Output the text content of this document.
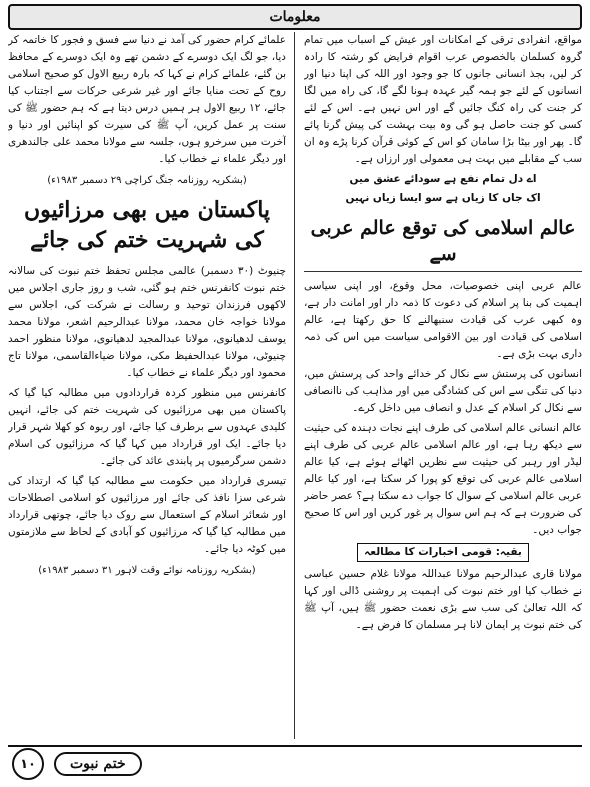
معلومات

مواقع، انفرادی ترقی کے امکانات اور عیش کے اسباب میں تمام گروہ کسلمان بالخصوص عرب اقوام فرایض کو رشتہ کا رادہ کر لیں، بجذ انسانی جانوں کا جو وجود اور اللہ کی اپنا دنیا اور انسانوں کے لئے جو ہمہ گیر عہدہ ہونا لگے گا، کی راہ میں لگا کر جنت کی راہ کنگ جائیں گے اور اس نہیں ہے۔ اس کے لئے کسی کو جنت حاصل ہو گی وہ بیت بہشت کی پیش گرنا پائے گا۔ پھر اور بیٹا بڑا سامان کو اس کے کوئی قرآن کرنا پڑے وہ ان سب کے مقابلے میں بہت ہی معمولی اور ارزاں ہے۔

اے دل تمام نفع ہے سودائے عشق میں

اک جاں کا زیاں ہے سو ایسا زیاں نہیں

عالم اسلامی کی توقع عالم عربی سے

عالم عربی اپنی خصوصیات، محل وقوع، اور اپنی سیاسی اہمیت کی بنا پر اسلام کی دعوت کا ذمہ دار اور امانت دار ہے، وہ کبھی عرب کی قیادت سنبھالنے کا حق رکھتا ہے، عالم اسلامی کی قیادت اور بین الاقوامی سیاست میں اس کی ذمہ داری بہت بڑی ہے۔

انسانوں کی پرستش سے نکال کر خدائے واحد کی پرستش میں، دنیا کی تنگی سے اس کی کشادگی میں اور مذاہب کی ناانصافی سے نکال کر اسلام کے عدل و انصاف میں داخل کرے۔

عالم انسانی عالم اسلامی کی طرف اپنے نجات دہندہ کی حیثیت سے دیکھ رہا ہے، اور عالم اسلامی عالم عربی کی طرف اپنے لیڈر اور رہبر کی حیثیت سے نظریں اٹھائے ہوئے ہے، کیا عالم اسلامی عالم عربی کی توقع کو پورا کر سکتا ہے، اور کیا عالم عربی عالم اسلامی کے سوال کا جواب دے سکتا ہے؟ عصر حاضر کی ضرورت ہے کہ ہم اس سوال پر غور کریں اور اس کا صحیح جواب دیں۔

بقیہ: قومی اخبارات کا مطالعہ

مولانا قاری عبدالرحیم مولانا عبداللہ مولانا غلام حسین عباسی نے خطاب کیا اور ختم نبوت کی اہمیت پر روشنی ڈالی اور کہا کہ اللہ تعالیٰ کی سب سے بڑی نعمت حضور ﷺ ہیں، آپ ﷺ کی ختم نبوت پر ایمان لانا ہر مسلمان کا فرض ہے۔

علمائے کرام حضور کی آمد نے دنیا سے فسق و فجور کا خاتمہ کر دیا، جو لگ ایک دوسرے کے دشمن تھے وہ ایک دوسرے کے محافظ بن گئے، علمائے کرام نے کہا کہ بارہ ربیع الاول کو صحیح اسلامی روح کے تحت منایا جائے اور غیر شرعی حرکات سے اجتناب کیا جائے، ۱۲ ربیع الاول ہر ہمیں درس دیتا ہے کہ ہم حضور ﷺ کی سنت پر عمل کریں، آپ ﷺ کی سیرت کو اپنائیں اور دنیا و آخرت میں سرخرو ہوں، جلسہ سے مولانا محمد علی جالندھری اور دیگر علماء نے خطاب کیا۔

(بشکریہ روزنامہ جنگ کراچی ۲۹ دسمبر ۱۹۸۳ء)

پاکستان میں بھی مرزائیوں کی شہریت ختم کی جائے

چنیوٹ (۳۰ دسمبر) عالمی مجلس تحفظ ختم نبوت کی سالانہ ختم نبوت کانفرنس ختم ہو گئی، شب و روز جاری اجلاس میں لاکھوں فرزندان توحید و رسالت نے شرکت کی، اجلاس سے مولانا خواجہ خان محمد، مولانا عبدالرحیم اشعر، مولانا محمد یوسف لدھیانوی، مولانا عبدالمجید لدھیانوی، مولانا منظور احمد چنیوٹی، مولانا عبدالحفیظ مکی، مولانا ضیاءالقاسمی، مولانا تاج محمود اور دیگر علماء نے خطاب کیا۔

کانفرنس میں منظور کردہ قراردادوں میں مطالبہ کیا گیا کہ پاکستان میں بھی مرزائیوں کی شہریت ختم کی جائے، انہیں کلیدی عہدوں سے برطرف کیا جائے، اور ربوہ کو کھلا شہر قرار دیا جائے۔ ایک اور قرارداد میں کہا گیا کہ مرزائیوں کی اسلام دشمن سرگرمیوں پر پابندی عائد کی جائے۔

تیسری قرارداد میں حکومت سے مطالبہ کیا گیا کہ ارتداد کی شرعی سزا نافذ کی جائے اور مرزائیوں کو اسلامی اصطلاحات اور شعائر اسلام کے استعمال سے روک دیا جائے، چوتھی قرارداد میں مطالبہ کیا گیا کہ مرزائیوں کو آبادی کے لحاظ سے ملازمتوں میں کوٹہ دیا جائے۔

(بشکریہ روزنامہ نوائے وقت لاہور ۳۱ دسمبر ۱۹۸۳ء)

۱۰	ختم نبوت
